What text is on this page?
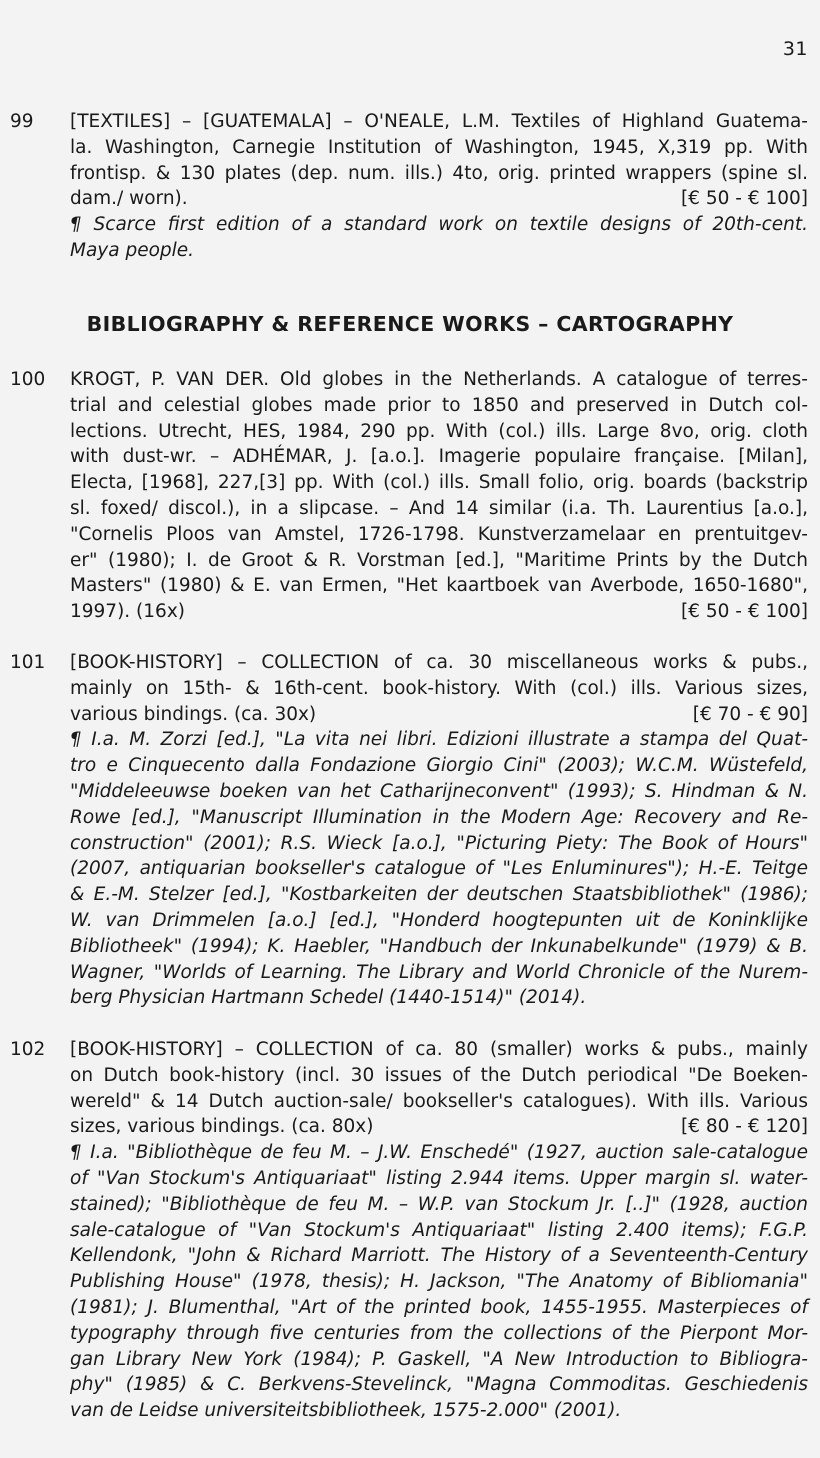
31
99	[TEXTILES] – [GUATEMALA] – O'NEALE, L.M. Textiles of Highland Guatema-
la. Washington, Carnegie Institution of Washington, 1945, X,319 pp. With
frontisp. & 130 plates (dep. num. ills.) 4to, orig. printed wrappers (spine sl.
dam./ worn).	[€ 50 - € 100]
¶ Scarce first edition of a standard work on textile designs of 20th-cent.
Maya people.
BIBLIOGRAPHY & REFERENCE WORKS – CARTOGRAPHY
100	KROGT, P. VAN DER. Old globes in the Netherlands. A catalogue of terres-
trial and celestial globes made prior to 1850 and preserved in Dutch col-
lections. Utrecht, HES, 1984, 290 pp. With (col.) ills. Large 8vo, orig. cloth
with dust-wr. – ADHÉMAR, J. [a.o.]. Imagerie populaire française. [Milan],
Electa, [1968], 227,[3] pp. With (col.) ills. Small folio, orig. boards (backstrip
sl. foxed/ discol.), in a slipcase. – And 14 similar (i.a. Th. Laurentius [a.o.],
"Cornelis Ploos van Amstel, 1726-1798. Kunstverzamelaar en prentuitgev-
er" (1980); I. de Groot & R. Vorstman [ed.], "Maritime Prints by the Dutch
Masters" (1980) & E. van Ermen, "Het kaartboek van Averbode, 1650-1680",
1997). (16x)	[€ 50 - € 100]
101	[BOOK-HISTORY] – COLLECTION of ca. 30 miscellaneous works & pubs.,
mainly on 15th- & 16th-cent. book-history. With (col.) ills. Various sizes,
various bindings. (ca. 30x)	[€ 70 - € 90]
¶ I.a. M. Zorzi [ed.], "La vita nei libri. Edizioni illustrate a stampa del Quat-
tro e Cinquecento dalla Fondazione Giorgio Cini" (2003); W.C.M. Wüstefeld,
"Middeleeuwse boeken van het Catharijneconvent" (1993); S. Hindman & N.
Rowe [ed.], "Manuscript Illumination in the Modern Age: Recovery and Re-
construction" (2001); R.S. Wieck [a.o.], "Picturing Piety: The Book of Hours"
(2007, antiquarian bookseller's catalogue of "Les Enluminures"); H.-E. Teitge
& E.-M. Stelzer [ed.], "Kostbarkeiten der deutschen Staatsbibliothek" (1986);
W. van Drimmelen [a.o.] [ed.], "Honderd hoogtepunten uit de Koninklijke
Bibliotheek" (1994); K. Haebler, "Handbuch der Inkunabelkunde" (1979) & B.
Wagner, "Worlds of Learning. The Library and World Chronicle of the Nurem-
berg Physician Hartmann Schedel (1440-1514)" (2014).
102	[BOOK-HISTORY] – COLLECTION of ca. 80 (smaller) works & pubs., mainly
on Dutch book-history (incl. 30 issues of the Dutch periodical "De Boeken-
wereld" & 14 Dutch auction-sale/ bookseller's catalogues). With ills. Various
sizes, various bindings. (ca. 80x)	[€ 80 - € 120]
¶ I.a. "Bibliothèque de feu M. – J.W. Enschedé" (1927, auction sale-catalogue
of "Van Stockum's Antiquariaat" listing 2.944 items. Upper margin sl. water-
stained); "Bibliothèque de feu M. – W.P. van Stockum Jr. [..]" (1928, auction
sale-catalogue of "Van Stockum's Antiquariaat" listing 2.400 items); F.G.P.
Kellendonk, "John & Richard Marriott. The History of a Seventeenth-Century
Publishing House" (1978, thesis); H. Jackson, "The Anatomy of Bibliomania"
(1981); J. Blumenthal, "Art of the printed book, 1455-1955. Masterpieces of
typography through five centuries from the collections of the Pierpont Mor-
gan Library New York (1984); P. Gaskell, "A New Introduction to Bibliogra-
phy" (1985) & C. Berkvens-Stevelinck, "Magna Commoditas. Geschiedenis
van de Leidse universiteitsbibliotheek, 1575-2.000" (2001).
